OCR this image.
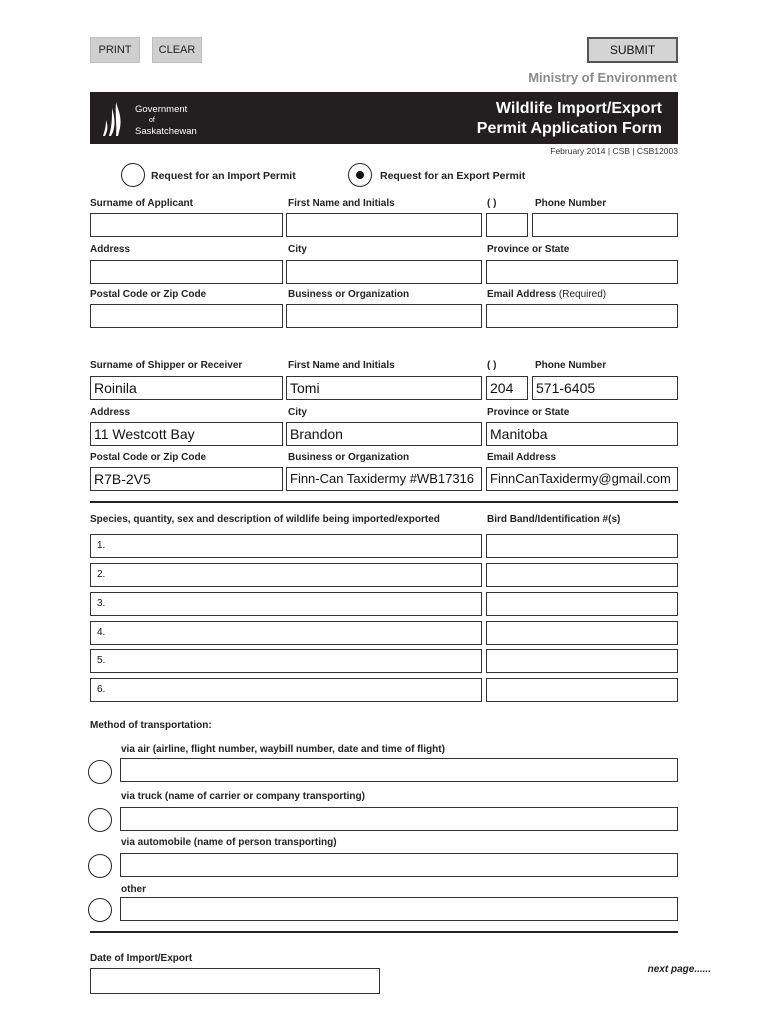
PRINT	CLEAR	SUBMIT
Ministry of Environment
Government

of
Saskatchewan
Wildlife Import/Export
Permit Application Form
February 2014 | CSB | CSB12003
Request for an Import Permit	Request for an Export Permit
Surname of Applicant	First Name and Initials	( )	Phone Number
Address	City	Province or State
Postal Code or Zip Code	Business or Organization	Email Address (Required)
Surname of Shipper or Receiver	First Name and Initials	( )	Phone Number
Roinila	Tomi	204	571-6405
Address	City	Province or State
11 Westcott Bay	Brandon	Manitoba
Postal Code or Zip Code	Business or Organization	Email Address
R7B-2V5	Finn-Can Taxidermy #WB17316	FinnCanTaxidermy@gmail.com
Species, quantity, sex and description of wildlife being imported/exported	Bird Band/Identification #(s)
1.
2.
3.
4.
5.
6.
Method of transportation:
via air (airline, flight number, waybill number, date and time of flight)
via truck (name of carrier or company transporting)
via automobile (name of person transporting)
other
Date of Import/Export
next page......
